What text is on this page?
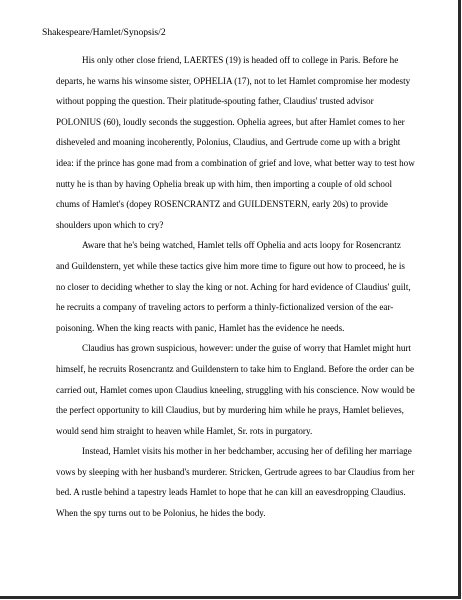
Shakespeare/Hamlet/Synopsis/2

His only other close friend, LAERTES (19) is headed off to college in Paris. Before he departs, he warns his winsome sister, OPHELIA (17), not to let Hamlet compromise her modesty without popping the question. Their platitude-spouting father, Claudius' trusted advisor POLONIUS (60), loudly seconds the suggestion. Ophelia agrees, but after Hamlet comes to her disheveled and moaning incoherently, Polonius, Claudius, and Gertrude come up with a bright idea: if the prince has gone mad from a combination of grief and love, what better way to test how nutty he is than by having Ophelia break up with him, then importing a couple of old school chums of Hamlet's (dopey ROSENCRANTZ and GUILDENSTERN, early 20s) to provide shoulders upon which to cry?

Aware that he's being watched, Hamlet tells off Ophelia and acts loopy for Rosencrantz and Guildenstern, yet while these tactics give him more time to figure out how to proceed, he is no closer to deciding whether to slay the king or not. Aching for hard evidence of Claudius' guilt, he recruits a company of traveling actors to perform a thinly-fictionalized version of the ear-poisoning. When the king reacts with panic, Hamlet has the evidence he needs.

Claudius has grown suspicious, however: under the guise of worry that Hamlet might hurt himself, he recruits Rosencrantz and Guildenstern to take him to England. Before the order can be carried out, Hamlet comes upon Claudius kneeling, struggling with his conscience. Now would be the perfect opportunity to kill Claudius, but by murdering him while he prays, Hamlet believes, would send him straight to heaven while Hamlet, Sr. rots in purgatory.

Instead, Hamlet visits his mother in her bedchamber, accusing her of defiling her marriage vows by sleeping with her husband's murderer. Stricken, Gertrude agrees to bar Claudius from her bed. A rustle behind a tapestry leads Hamlet to hope that he can kill an eavesdropping Claudius. When the spy turns out to be Polonius, he hides the body.
